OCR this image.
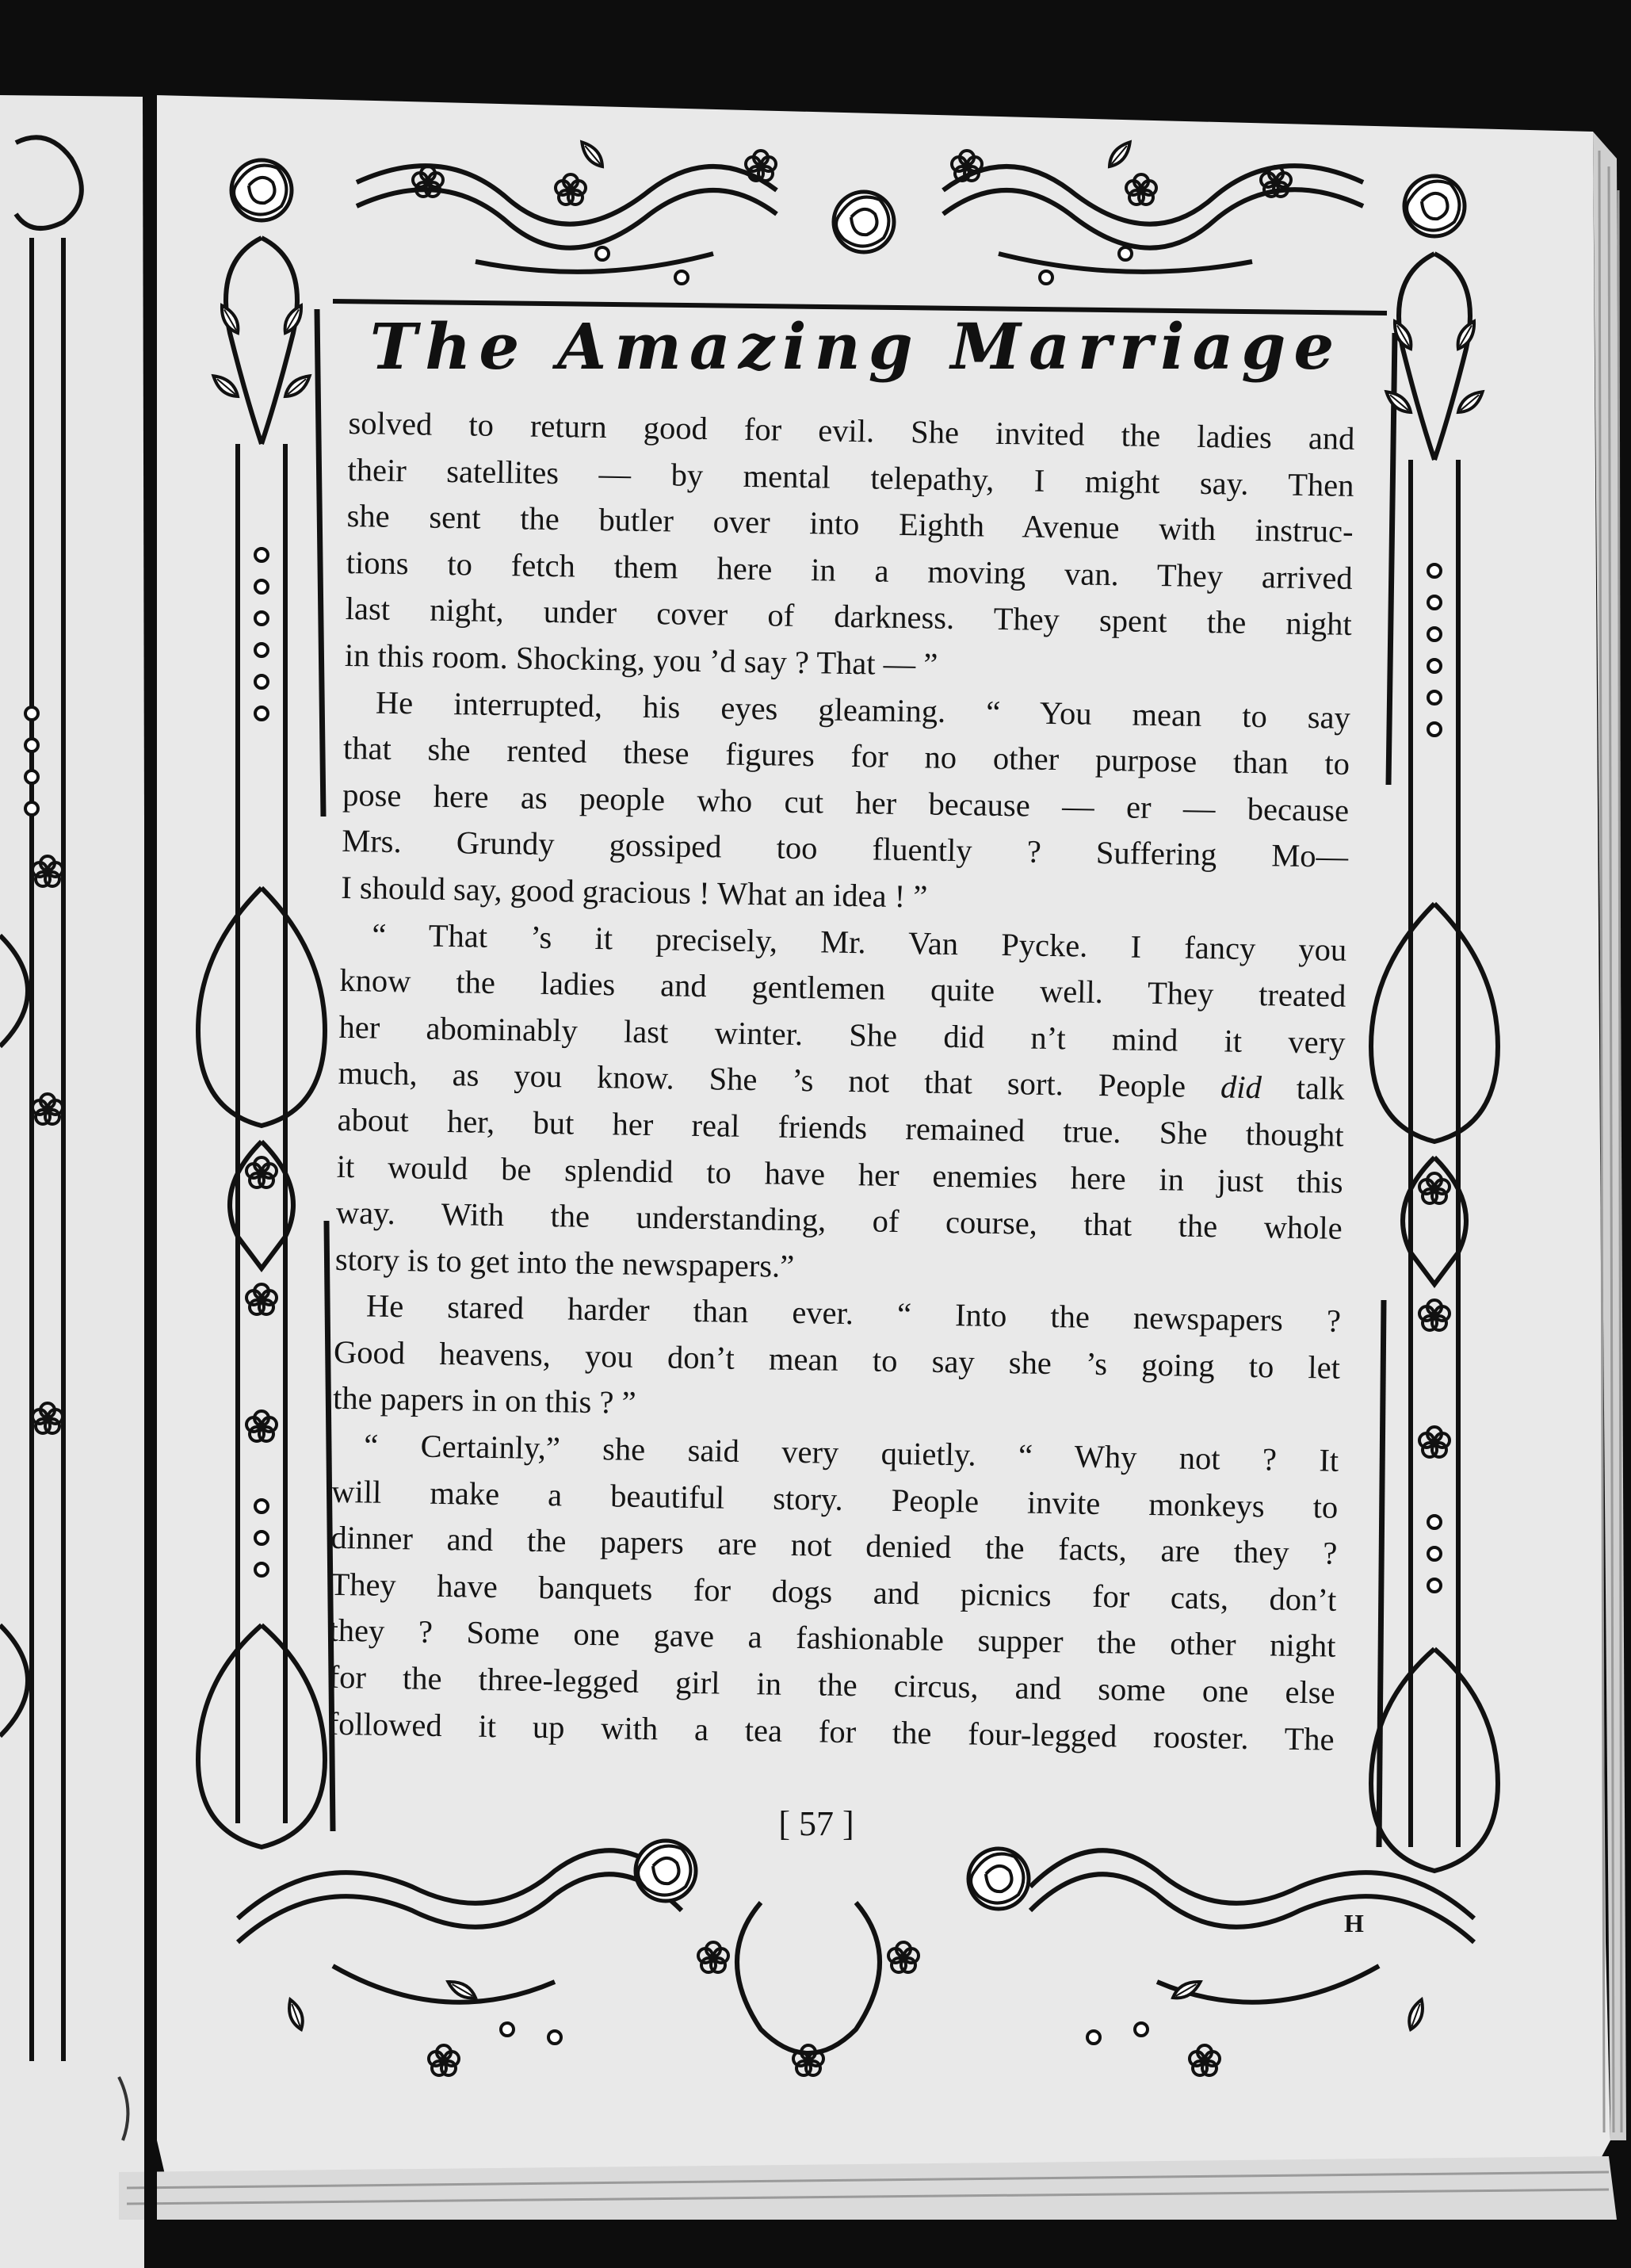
The Amazing Marriage

solved to return good for evil. She invited the ladies and

their satellites — by mental telepathy, I might say. Then

she sent the butler over into Eighth Avenue with instruc-

tions to fetch them here in a moving van. They arrived

last night, under cover of darkness. They spent the night

in this room. Shocking, you ’d say ? That — ”

He interrupted, his eyes gleaming. “ You mean to say

that she rented these figures for no other purpose than to

pose here as people who cut her because — er — because

Mrs. Grundy gossiped too fluently ? Suffering Mo—

I should say, good gracious ! What an idea ! ”

“ That ’s it precisely, Mr. Van Pycke. I fancy you

know the ladies and gentlemen quite well. They treated

her abominably last winter. She did n’t mind it very

much, as you know. She ’s not that sort. People did talk

about her, but her real friends remained true. She thought

it would be splendid to have her enemies here in just this

way. With the understanding, of course, that the whole

story is to get into the newspapers.”

He stared harder than ever. “ Into the newspapers ?

Good heavens, you don’t mean to say she ’s going to let

the papers in on this ? ”

“ Certainly,” she said very quietly. “ Why not ? It

will make a beautiful story. People invite monkeys to

dinner and the papers are not denied the facts, are they ?

They have banquets for dogs and picnics for cats, don’t

they ? Some one gave a fashionable supper the other night

for the three-legged girl in the circus, and some one else

followed it up with a tea for the four-legged rooster. The

[ 57 ]
H
